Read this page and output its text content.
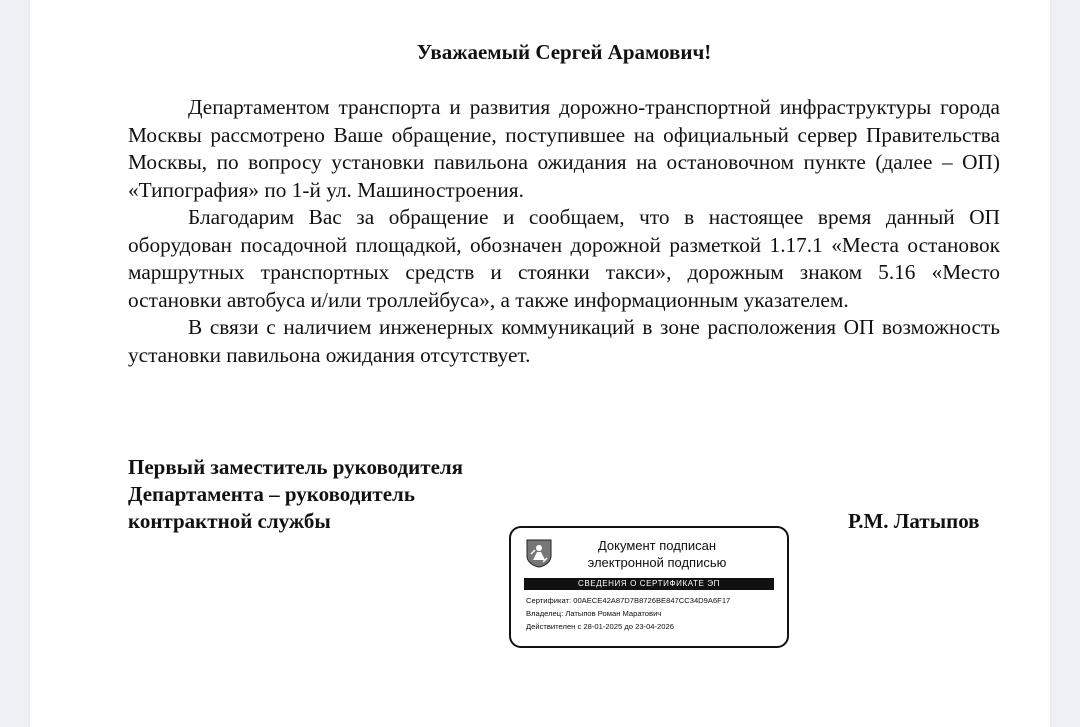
Уважаемый Сергей Арамович!

Департаментом транспорта и развития дорожно-транспортной инфраструктуры города Москвы рассмотрено Ваше обращение, поступившее на официальный сервер Правительства Москвы, по вопросу установки павильона ожидания на остановочном пункте (далее – ОП) «Типография» по 1-й ул. Машиностроения.

Благодарим Вас за обращение и сообщаем, что в настоящее время данный ОП оборудован посадочной площадкой, обозначен дорожной разметкой 1.17.1 «Места остановок маршрутных транспортных средств и стоянки такси», дорожным знаком 5.16 «Место остановки автобуса и/или троллейбуса», а также информационным указателем.

В связи с наличием инженерных коммуникаций в зоне расположения ОП возможность установки павильона ожидания отсутствует.

Первый заместитель руководителя
Департамента – руководитель
контрактной службы	Р.М. Латыпов
Документ подписан
электронной подписью
СВЕДЕНИЯ О СЕРТИФИКАТЕ ЭП
Сертификат: 00AECE42A87D7B8726BE847CC34D9A6F17
Владелец: Латыпов Роман Маратович
Действителен с 28-01-2025 до 23-04-2026
